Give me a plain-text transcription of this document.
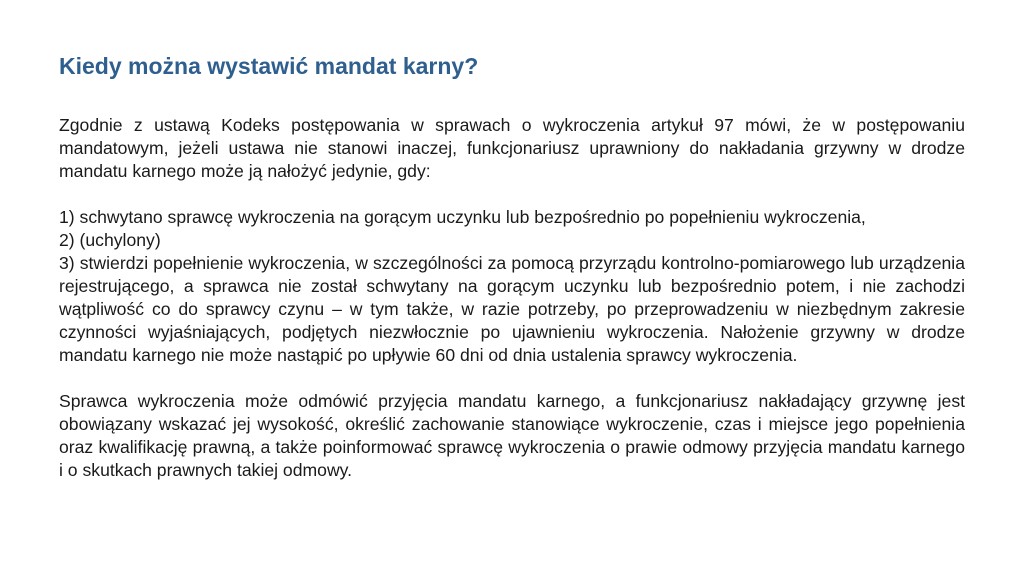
Kiedy można wystawić mandat karny?

Zgodnie z ustawą Kodeks postępowania w sprawach o wykroczenia artykuł 97 mówi, że w postępowaniu mandatowym, jeżeli ustawa nie stanowi inaczej, funkcjonariusz uprawniony do nakładania grzywny w drodze mandatu karnego może ją nałożyć jedynie, gdy:

1) schwytano sprawcę wykroczenia na gorącym uczynku lub bezpośrednio po popełnieniu wykroczenia,

2) (uchylony)

3) stwierdzi popełnienie wykroczenia, w szczególności za pomocą przyrządu kontrolno-pomiarowego lub urządzenia rejestrującego, a sprawca nie został schwytany na gorącym uczynku lub bezpośrednio potem, i nie zachodzi wątpliwość co do sprawcy czynu – w tym także, w razie potrzeby, po przeprowadzeniu w niezbędnym zakresie czynności wyjaśniających, podjętych niezwłocznie po ujawnieniu wykroczenia. Nałożenie grzywny w drodze mandatu karnego nie może nastąpić po upływie 60 dni od dnia ustalenia sprawcy wykroczenia.

Sprawca wykroczenia może odmówić przyjęcia mandatu karnego, a funkcjonariusz nakładający grzywnę jest obowiązany wskazać jej wysokość, określić zachowanie stanowiące wykroczenie, czas i miejsce jego popełnienia oraz kwalifikację prawną, a także poinformować sprawcę wykroczenia o prawie odmowy przyjęcia mandatu karnego i o skutkach prawnych takiej odmowy.
